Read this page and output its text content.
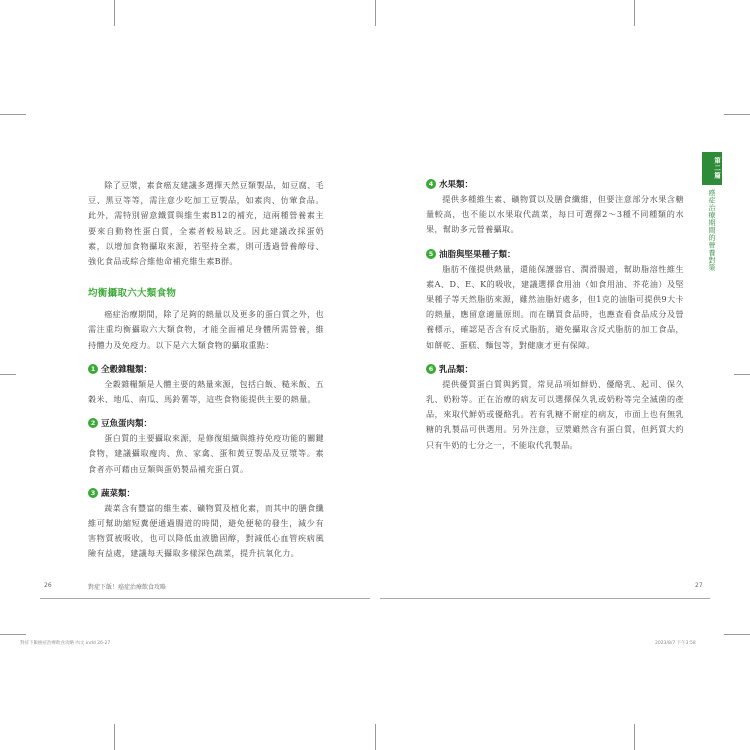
第二篇
癌症治療期間的營養對策

除了豆漿，素食癌友建議多選擇天然豆類製品，如豆腐、毛豆、黑豆等等，需注意少吃加工豆製品，如素肉、仿葷食品。此外，需特別留意鐵質與維生素B12的補充，這兩種營養素主要來自動物性蛋白質，全素者較易缺乏。因此建議改採蛋奶素，以增加食物攝取來源，若堅持全素，則可透過營養醇母、強化食品或綜合維他命補充維生素B群。

均衡攝取六大類食物

癌症治療期間，除了足夠的熱量以及更多的蛋白質之外，也需注重均衡攝取六大類食物，才能全面補足身體所需營養，維持體力及免疫力。以下是六大類食物的攝取重點：

1 全穀雜糧類：

全穀雜糧類是人體主要的熱量來源，包括白飯、糙米飯、五穀米、地瓜、南瓜、馬鈴薯等，這些食物能提供主要的熱量。

2 豆魚蛋肉類：

蛋白質的主要攝取來源，是修復組織與維持免疫功能的關鍵食物，建議攝取瘦肉、魚、家禽、蛋和黃豆製品及豆漿等。素食者亦可藉由豆類與蛋奶製品補充蛋白質。

3 蔬菜類：

蔬菜含有豐富的維生素、礦物質及植化素，而其中的膳食纖維可幫助縮短糞便通過腸道的時間，避免便秘的發生，減少有害物質被吸收，也可以降低血液膽固醇，對減低心血管疾病風險有益處，建議每天攝取多樣深色蔬菜，提升抗氧化力。

4 水果類：

提供多種維生素、礦物質以及膳食纖維，但要注意部分水果含糖量較高，也不能以水果取代蔬菜，每日可選擇2～3種不同種類的水果，幫助多元營養攝取。

5 油脂與堅果種子類：

脂肪不僅提供熱量，還能保護器官、潤滑腸道，幫助脂溶性維生素A、D、E、K的吸收，建議選擇食用油（如食用油、芥花油）及堅果種子等天然脂肪來源，雖然油脂好處多，但1克的油脂可提供9大卡的熱量，應留意適量原則。而在購買食品時，也應查看食品成分及營養標示，確認是否含有反式脂肪，避免攝取含反式脂肪的加工食品，如餅乾、蛋糕、麵包等，對健康才更有保障。

6 乳品類：

提供優質蛋白質與鈣質，常見品項如鮮奶、優酪乳、起司、保久乳、奶粉等。正在治療的病友可以選擇保久乳或奶粉等完全滅菌的產品，來取代鮮奶或優酪乳。若有乳糖不耐症的病友，市面上也有無乳糖的乳製品可供選用。另外注意，豆漿雖然含有蛋白質，但鈣質大約只有牛奶的七分之一，不能取代乳製品。

26	對症下飯！癌症治療飲食攻略	27
對症下飯癌症治療飲食攻略 內文.indd 26-27	2023/8/7 下午3:58
